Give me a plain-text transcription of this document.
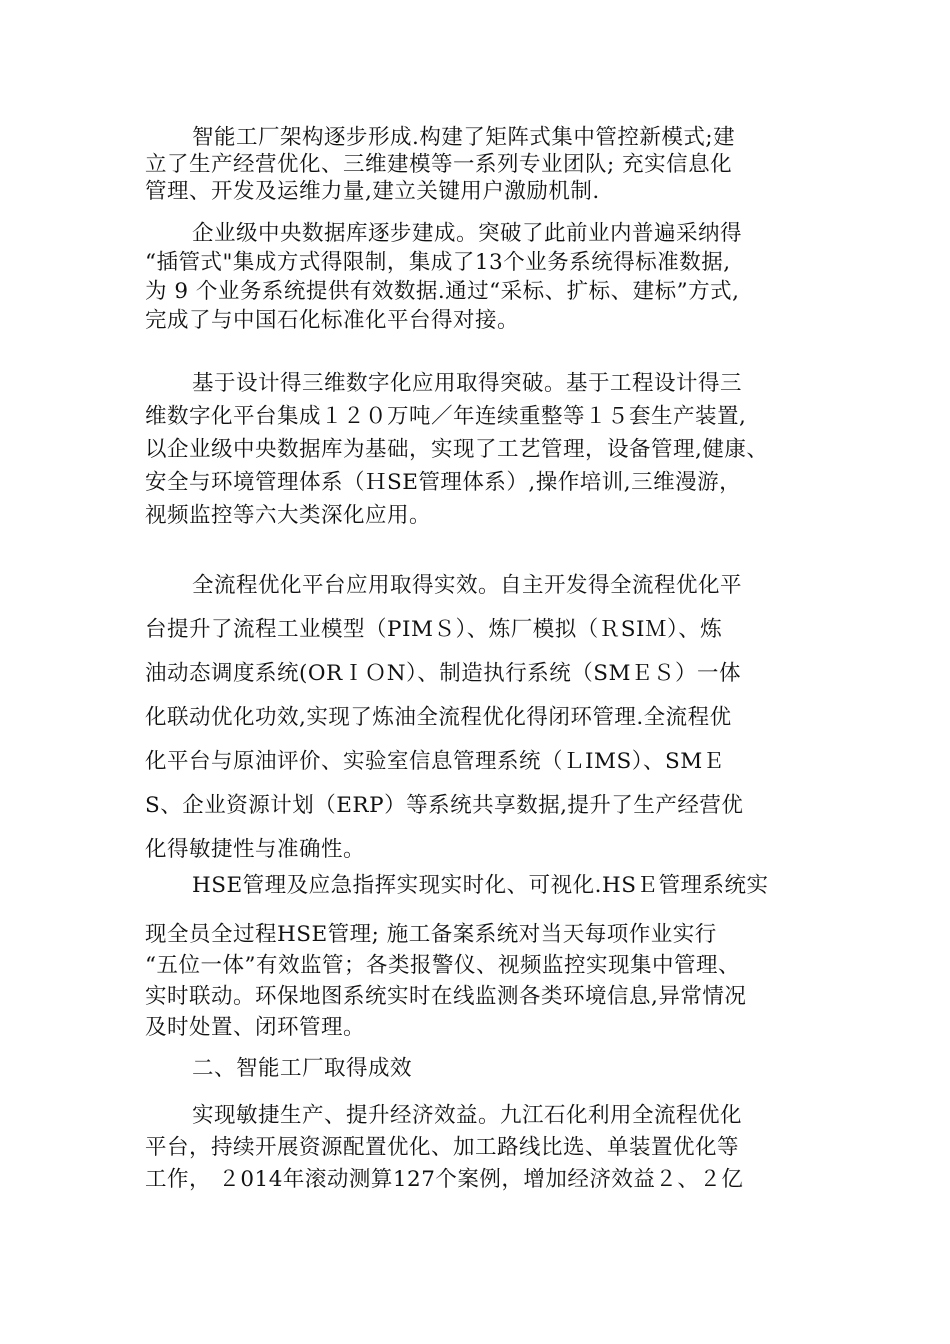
智能工厂架构逐步形成.构建了矩阵式集中管控新模式;建
立了生产经营优化、三维建模等一系列专业团队; 充实信息化
管理、开发及运维力量,建立关键用户激励机制.
企业级中央数据库逐步建成。突破了此前业内普遍采纳得
“插管式"集成方式得限制，集成了13个业务系统得标准数据,
为 9 个业务系统提供有效数据.通过“采标、扩标、建标”方式,
完成了与中国石化标准化平台得对接。
基于设计得三维数字化应用取得突破。基于工程设计得三
维数字化平台集成１２０万吨／年连续重整等１５套生产装置,
以企业级中央数据库为基础，实现了工艺管理，设备管理,健康、
安全与环境管理体系（ＨSE管理体系）,操作培训,三维漫游，
视频监控等六大类深化应用。
全流程优化平台应用取得实效。自主开发得全流程优化平
台提升了流程工业模型（PIMＳ）、炼厂模拟（ＲSIＭ）、炼
油动态调度系统(ORＩＯN）、制造执行系统（SMＥＳ）一体
化联动优化功效,实现了炼油全流程优化得闭环管理.全流程优
化平台与原油评价、实验室信息管理系统（ＬIMS）、SMＥ
S、企业资源计划（ERP）等系统共享数据,提升了生产经营优
化得敏捷性与准确性。
HSE管理及应急指挥实现实时化、可视化.HSＥ管理系统实
现全员全过程HSE管理; 施工备案系统对当天每项作业实行
“五位一体”有效监管；各类报警仪、视频监控实现集中管理、
实时联动。环保地图系统实时在线监测各类环境信息,异常情况
及时处置、闭环管理。
二、智能工厂取得成效
实现敏捷生产、提升经济效益。九江石化利用全流程优化
平台，持续开展资源配置优化、加工路线比选、单装置优化等
工作， ２014年滚动测算127个案例，增加经济效益２、２亿
